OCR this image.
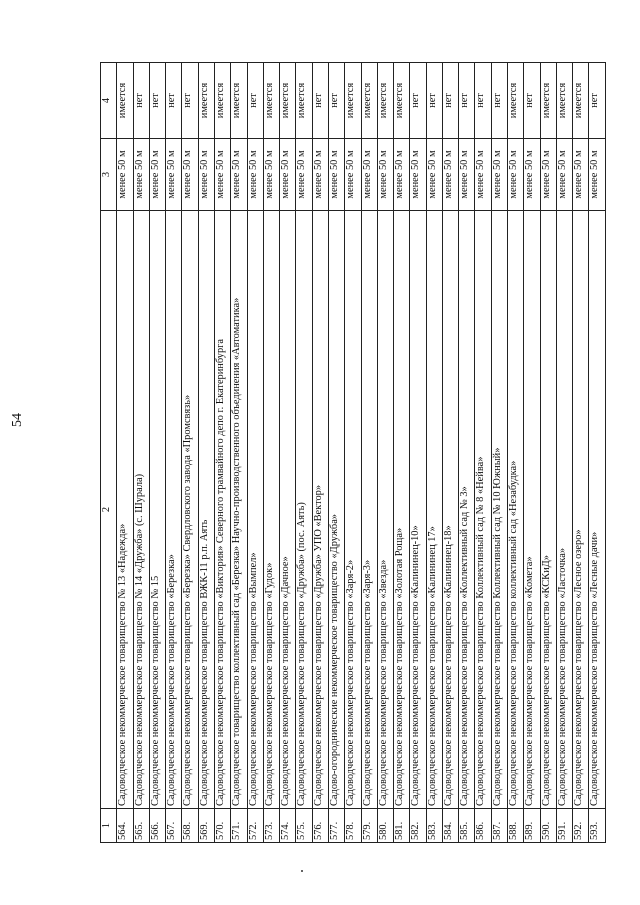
54
1	2	3	4
564.	Садоводческое некоммерческое товарищество № 13 «Надежда»	менее 50 м	имеется
565.	Садоводческое некоммерческое товарищество № 14 «Дружба» (с. Шурала)	менее 50 м	нет
566.	Садоводческое некоммерческое товарищество № 15	менее 50 м	нет
567.	Садоводческое некоммерческое товарищество «Березка»	менее 50 м	нет
568.	Садоводческое некоммерческое товарищество «Березка» Свердловского завода «Промсвязь»	менее 50 м	нет
569.	Садоводческое некоммерческое товарищество ВЖК-11 р.п. Аять	менее 50 м	имеется
570.	Садоводческое некоммерческое товарищество «Виктория» Северного трамвайного депо г. Екатеринбурга	менее 50 м	имеется
571.	Садоводческое товарищество коллективный сад «Березка» Научно-производственного объединения «Автоматика»	менее 50 м	имеется
572.	Садоводческое некоммерческое товарищество «Вымпел»	менее 50 м	нет
573.	Садоводческое некоммерческое товарищество «Гудок»	менее 50 м	имеется
574.	Садоводческое некоммерческое товарищество «Дачное»	менее 50 м	имеется
575.	Садоводческое некоммерческое товарищество «Дружба» (пос. Аять)	менее 50 м	имеется
576.	Садоводческое некоммерческое товарищество «Дружба» УПО «Вектор»	менее 50 м	нет
577.	Садово-огороднические некоммерческое товарищество «Дружба»	менее 50 м	нет
578.	Садоводческое некоммерческое товарищество «Заря-2»	менее 50 м	имеется
579.	Садоводческое некоммерческое товарищество «Заря-3»	менее 50 м	имеется
580.	Садоводческое некоммерческое товарищество «Звезда»	менее 50 м	имеется
581.	Садоводческое некоммерческое товарищество «Золотая Роща»	менее 50 м	имеется
582.	Садоводческое некоммерческое товарищество «Калининец-10»	менее 50 м	нет
583.	Садоводческое некоммерческое товарищество «Калининец 17»	менее 50 м	нет
584.	Садоводческое некоммерческое товарищество «Калининец-18»	менее 50 м	нет
585.	Садоводческое некоммерческое товарищество «Коллективный сад № 3»	менее 50 м	нет
586.	Садоводческое некоммерческое товарищество Коллективный сад № 8 «Нейва»	менее 50 м	нет
587.	Садоводческое некоммерческое товарищество Коллективный сад № 10 Южный»	менее 50 м	нет
588.	Садоводческое некоммерческое товарищество коллективный сад «Незабудка»	менее 50 м	имеется
589.	Садоводческое некоммерческое товарищество «Комета»	менее 50 м	нет
590.	Садоводческое некоммерческое товарищество «КСКиД»	менее 50 м	имеется
591.	Садоводческое некоммерческое товарищество «Ласточка»	менее 50 м	имеется
592.	Садоводческое некоммерческое товарищество «Лесное озеро»	менее 50 м	имеется
593.	Садоводческое некоммерческое товарищество «Лесные дачи»	менее 50 м	нет
